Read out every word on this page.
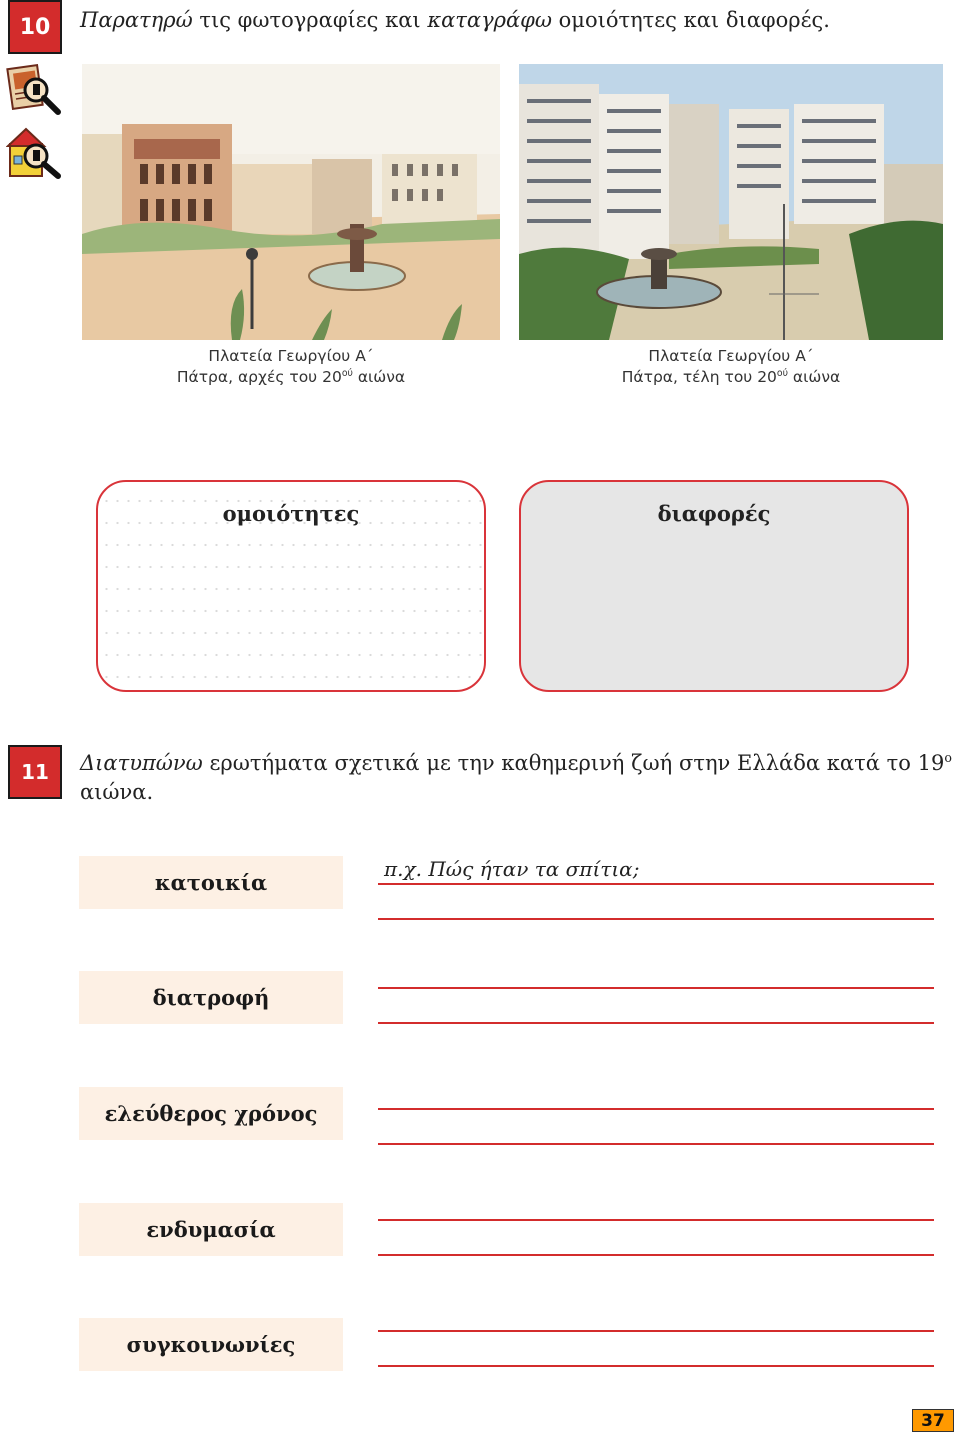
10	Παρατηρώ τις φωτογραφίες και καταγράφω ομοιότητες και διαφορές.
Πλατεία Γεωργίου Α΄
Πάτρα, αρχές του $20^{oύ}$ αιώνα
Πλατεία Γεωργίου Α΄
Πάτρα, τέλη του $20^{oύ}$ αιώνα
ομοιότητες	διαφορές
11	Διατυπώνω ερωτήματα σχετικά με την καθημερινή ζωή στην Ελλάδα κατά το $19^o$ αιώνα.
κατοικία
π.χ. Πώς ήταν τα σπίτια;
διατροφή
ελεύθερος χρόνος
ενδυμασία
συγκοινωνίες
37
